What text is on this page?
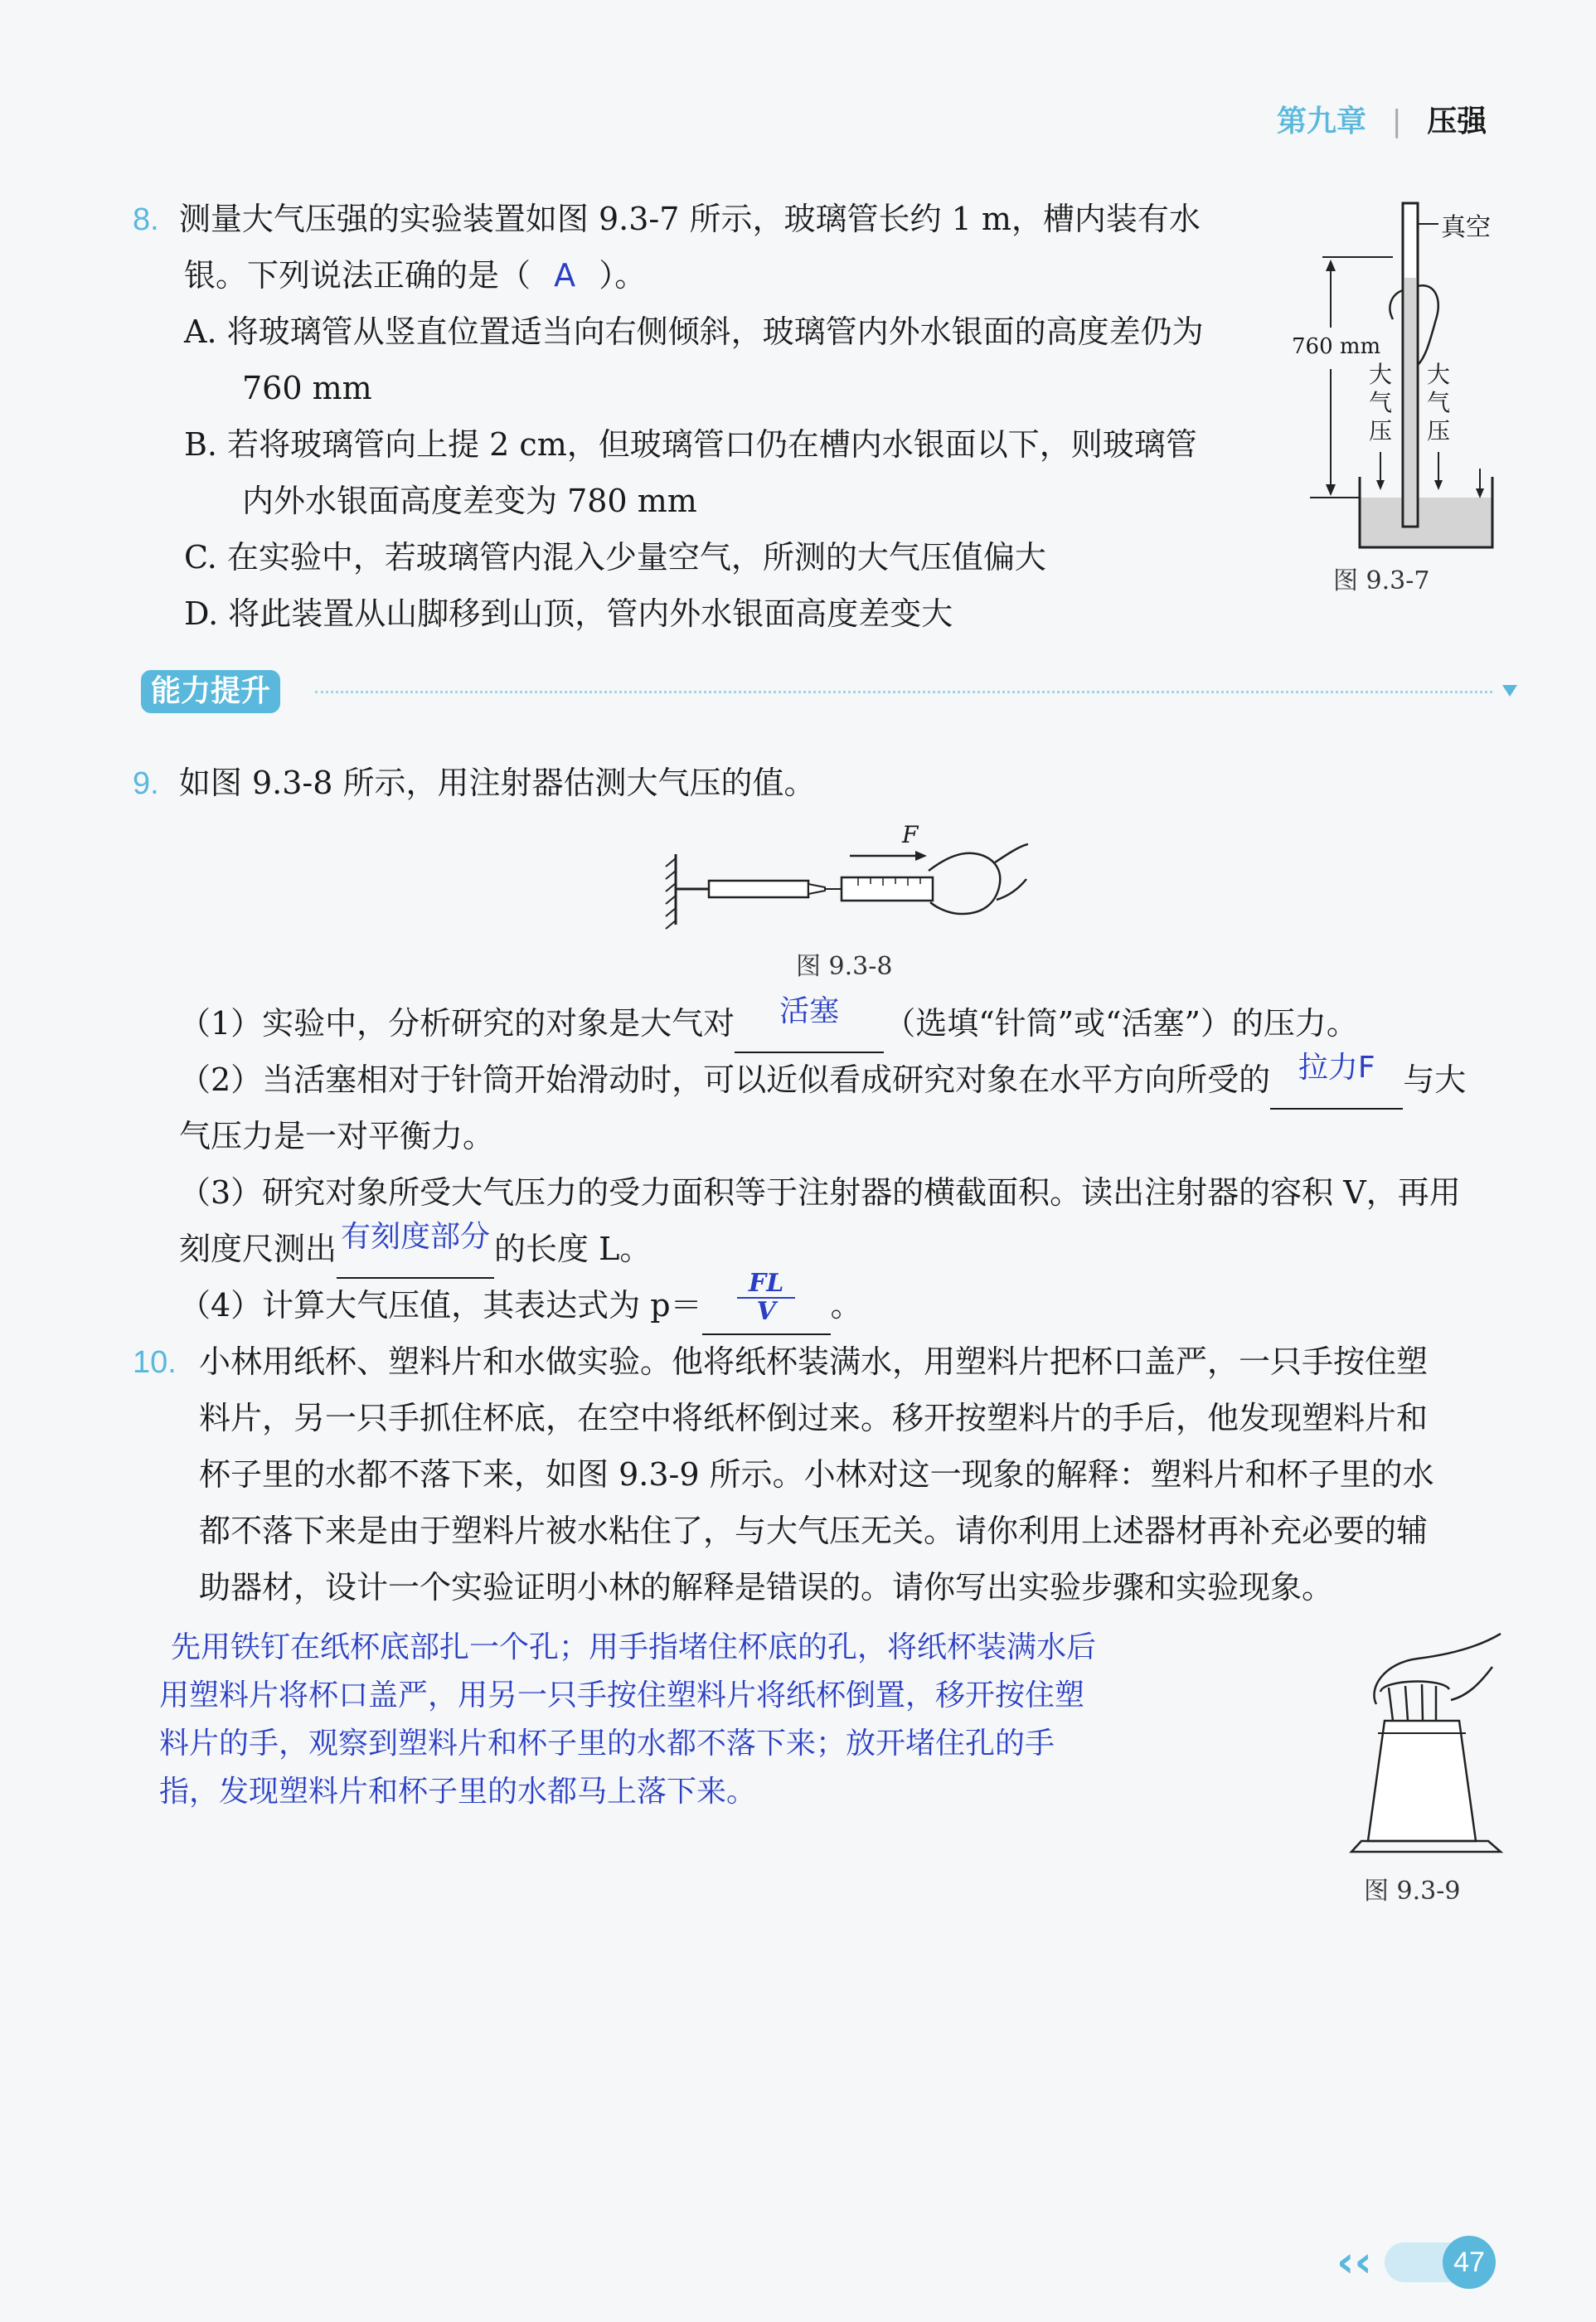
第九章 | 压强
8. 测量大气压强的实验装置如图 9.3-7 所示，玻璃管长约 1 m，槽内装有水
银。下列说法正确的是（ A ）。
A. 将玻璃管从竖直位置适当向右侧倾斜，玻璃管内外水银面的高度差仍为
760 mm
B. 若将玻璃管向上提 2 cm，但玻璃管口仍在槽内水银面以下，则玻璃管
内外水银面高度差变为 780 mm
C. 在实验中，若玻璃管内混入少量空气，所测的大气压值偏大
D. 将此装置从山脚移到山顶，管内外水银面高度差变大
真空
760 mm
大
气
压
大
气
压
图 9.3-7
能力提升
9. 如图 9.3-8 所示，用注射器估测大气压的值。
F
图 9.3-8
（1）实验中，分析研究的对象是大气对	活塞	（选填“针筒”或“活塞”）的压力。
（2）当活塞相对于针筒开始滑动时，可以近似看成研究对象在水平方向所受的 拉力F 与大
气压力是一对平衡力。
（3）研究对象所受大气压力的受力面积等于注射器的横截面积。读出注射器的容积 V，再用
刻度尺测出 有刻度部分 的长度 L。
（4）计算大气压值，其表达式为 $p= \frac{FL}{V}$ 。
10. 小林用纸杯、塑料片和水做实验。他将纸杯装满水，用塑料片把杯口盖严，一只手按住塑
料片，另一只手抓住杯底，在空中将纸杯倒过来。移开按塑料片的手后，他发现塑料片和
杯子里的水都不落下来，如图 9.3-9 所示。小林对这一现象的解释：塑料片和杯子里的水
都不落下来是由于塑料片被水粘住了，与大气压无关。请你利用上述器材再补充必要的辅
助器材，设计一个实验证明小林的解释是错误的。请你写出实验步骤和实验现象。
先用铁钉在纸杯底部扎一个孔；用手指堵住杯底的孔，将纸杯装满水后
用塑料片将杯口盖严，用另一只手按住塑料片将纸杯倒置，移开按住塑
料片的手，观察到塑料片和杯子里的水都不落下来；放开堵住孔的手
指，发现塑料片和杯子里的水都马上落下来。
图 9.3-9
‹‹	47
